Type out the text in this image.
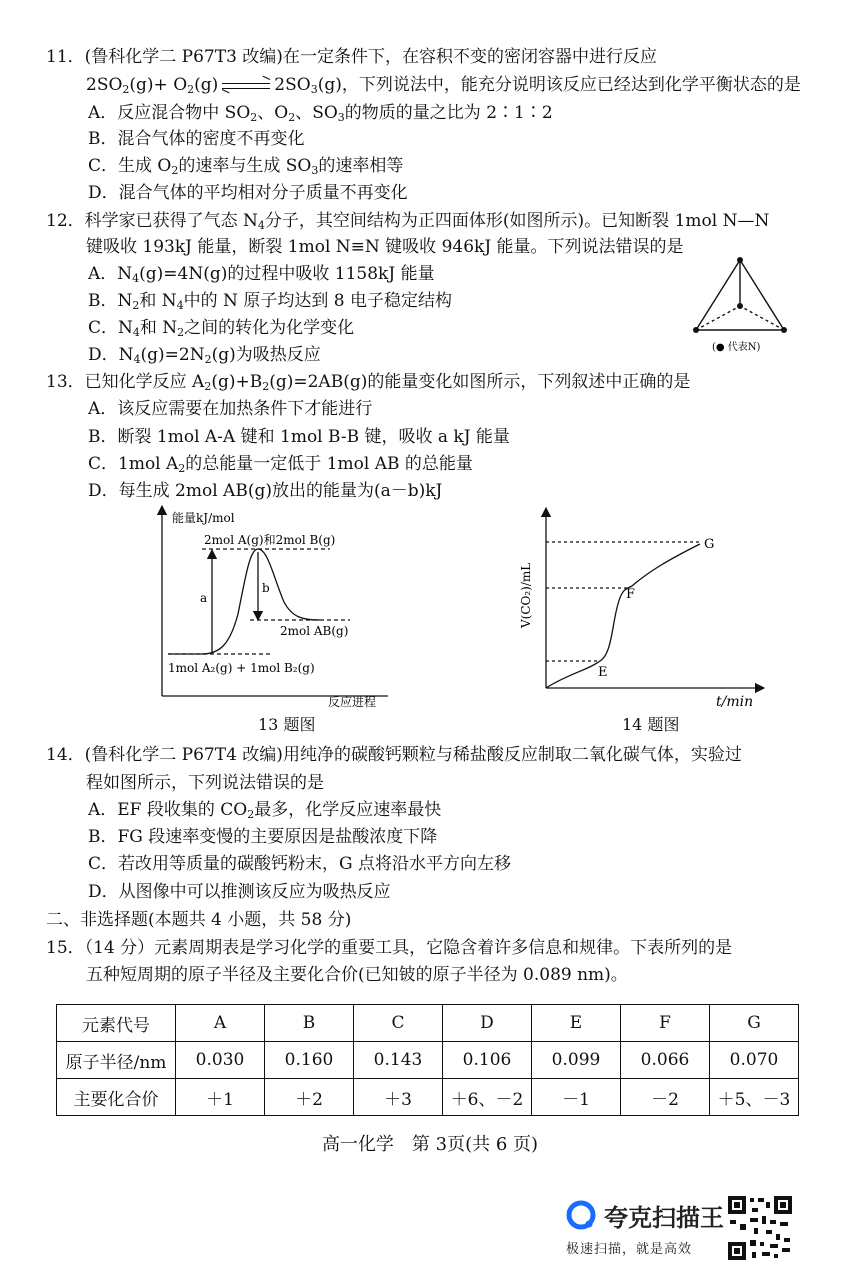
11．(鲁科化学二 P67T3 改编)在一定条件下，在容积不变的密闭容器中进行反应
$2SO_2(g)+ O_2(g)$	$2SO_3(g)$，下列说法中，能充分说明该反应已经达到化学平衡状态的是
A．反应混合物中 $SO_2$、$O_2$、$SO_3$的物质的量之比为 2∶1∶2
B．混合气体的密度不再变化
C．生成 $O_2$的速率与生成 $SO_3$的速率相等
D．混合气体的平均相对分子质量不再变化
12．科学家已获得了气态 $N_4$分子，其空间结构为正四面体形(如图所示)。已知断裂 1mol N—N
键吸收 193kJ 能量，断裂 1mol N≡N 键吸收 946kJ 能量。下列说法错误的是
A．$N_4(g)=4N(g)$的过程中吸收 1158kJ 能量
B．$N_2$和 $N_4$中的 N 原子均达到 8 电子稳定结构
C．$N_4$和 $N_2$之间的转化为化学变化
D．$N_4(g)=2N_2(g)$为吸热反应	(● 代表N)
13．已知化学反应 $A_2(g)+B_2(g)=2AB(g)$的能量变化如图所示，下列叙述中正确的是
A．该反应需要在加热条件下才能进行
B．断裂 1mol A-A 键和 1mol B-B 键，吸收 a kJ 能量
C．1mol $A_2$的总能量一定低于 1mol AB 的总能量
D．每生成 2mol AB(g)放出的能量为(a－b)kJ
能量kJ/mol
2mol A(g)和2mol B(g)
a
b
2mol AB(g)
1mol A₂(g) + 1mol B₂(g)
反应进程
13 题图
V(CO₂)/mL
E
F
G
t/min
14 题图
14．(鲁科化学二 P67T4 改编)用纯净的碳酸钙颗粒与稀盐酸反应制取二氧化碳气体，实验过
程如图所示，下列说法错误的是
A．EF 段收集的 $CO_2$最多，化学反应速率最快
B．FG 段速率变慢的主要原因是盐酸浓度下降
C．若改用等质量的碳酸钙粉末，G 点将沿水平方向左移
D．从图像中可以推测该反应为吸热反应
二、非选择题(本题共 4 小题，共 58 分)
15．（14 分）元素周期表是学习化学的重要工具，它隐含着许多信息和规律。下表所列的是
五种短周期的原子半径及主要化合价(已知铍的原子半径为 0.089 nm)。
元素代号	A	B	C	D	E	F	G
原子半径/nm	0.030	0.160	0.143	0.106	0.099	0.066	0.070
主要化合价	＋1	＋2	＋3	＋6、－2	－1	－2	＋5、－3
高一化学　第 3页(共 6 页)
夸克扫描王
极速扫描，就是高效
